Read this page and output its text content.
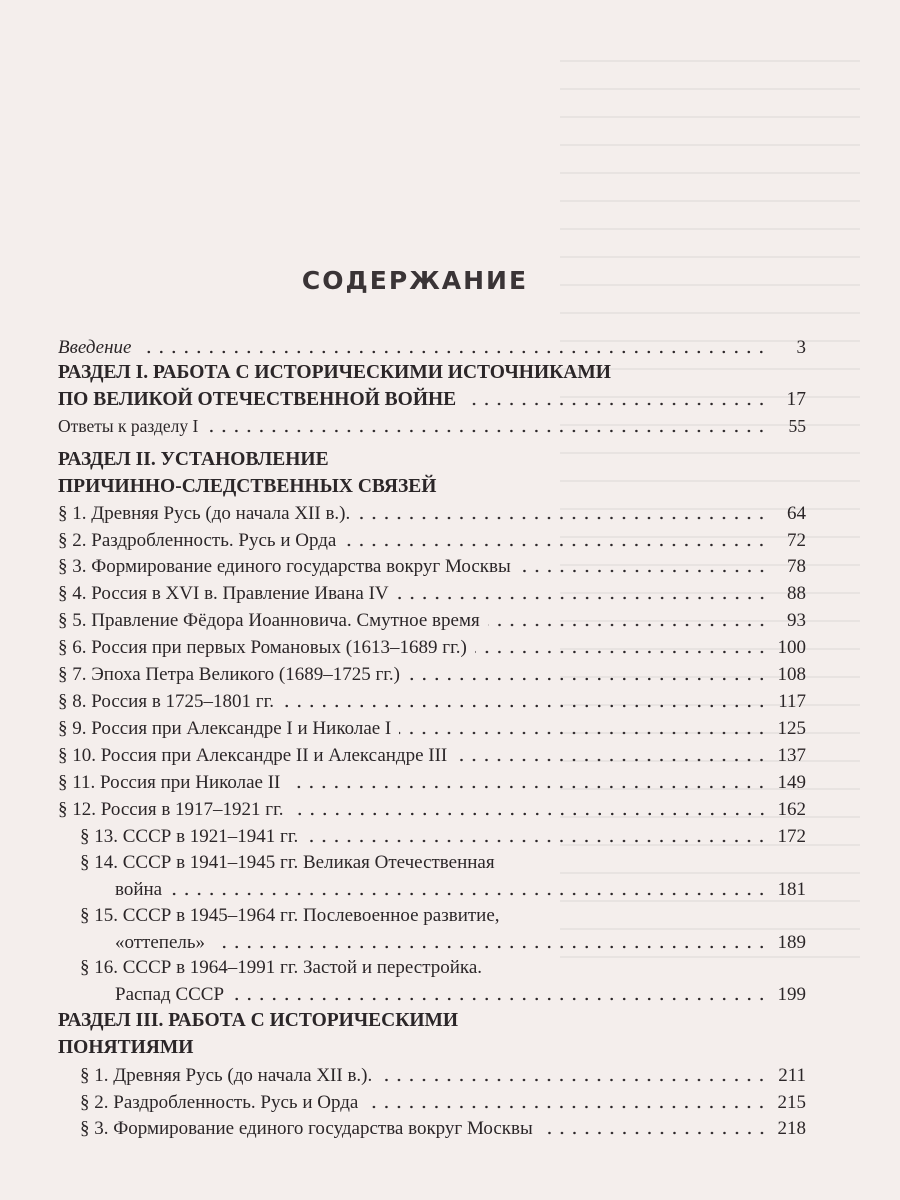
СОДЕРЖАНИЕ
Введение	3
РАЗДЕЛ I. РАБОТА С ИСТОРИЧЕСКИМИ ИСТОЧНИКАМИ
ПО ВЕЛИКОЙ ОТЕЧЕСТВЕННОЙ ВОЙНЕ	17
Ответы к разделу I	55
РАЗДЕЛ II. УСТАНОВЛЕНИЕ
ПРИЧИННО-СЛЕДСТВЕННЫХ СВЯЗЕЙ
§ 1. Древняя Русь (до начала XII в.).	64
§ 2. Раздробленность. Русь и Орда	72
§ 3. Формирование единого государства вокруг Москвы	78
§ 4. Россия в XVI в. Правление Ивана IV	88
§ 5. Правление Фёдора Иоанновича. Смутное время	93
§ 6. Россия при первых Романовых (1613–1689 гг.)	100
§ 7. Эпоха Петра Великого (1689–1725 гг.)	108
§ 8. Россия в 1725–1801 гг.	117
§ 9. Россия при Александре I и Николае I	125
§ 10. Россия при Александре II и Александре III	137
§ 11. Россия при Николае II	149
§ 12. Россия в 1917–1921 гг.	162
§ 13. СССР в 1921–1941 гг.	172
§ 14. СССР в 1941–1945 гг. Великая Отечественная
война	181
§ 15. СССР в 1945–1964 гг. Послевоенное развитие,
«оттепель»	189
§ 16. СССР в 1964–1991 гг. Застой и перестройка.
Распад СССР	199
РАЗДЕЛ III. РАБОТА С ИСТОРИЧЕСКИМИ
ПОНЯТИЯМИ
§ 1. Древняя Русь (до начала XII в.).	211
§ 2. Раздробленность. Русь и Орда	215
§ 3. Формирование единого государства вокруг Москвы	218
